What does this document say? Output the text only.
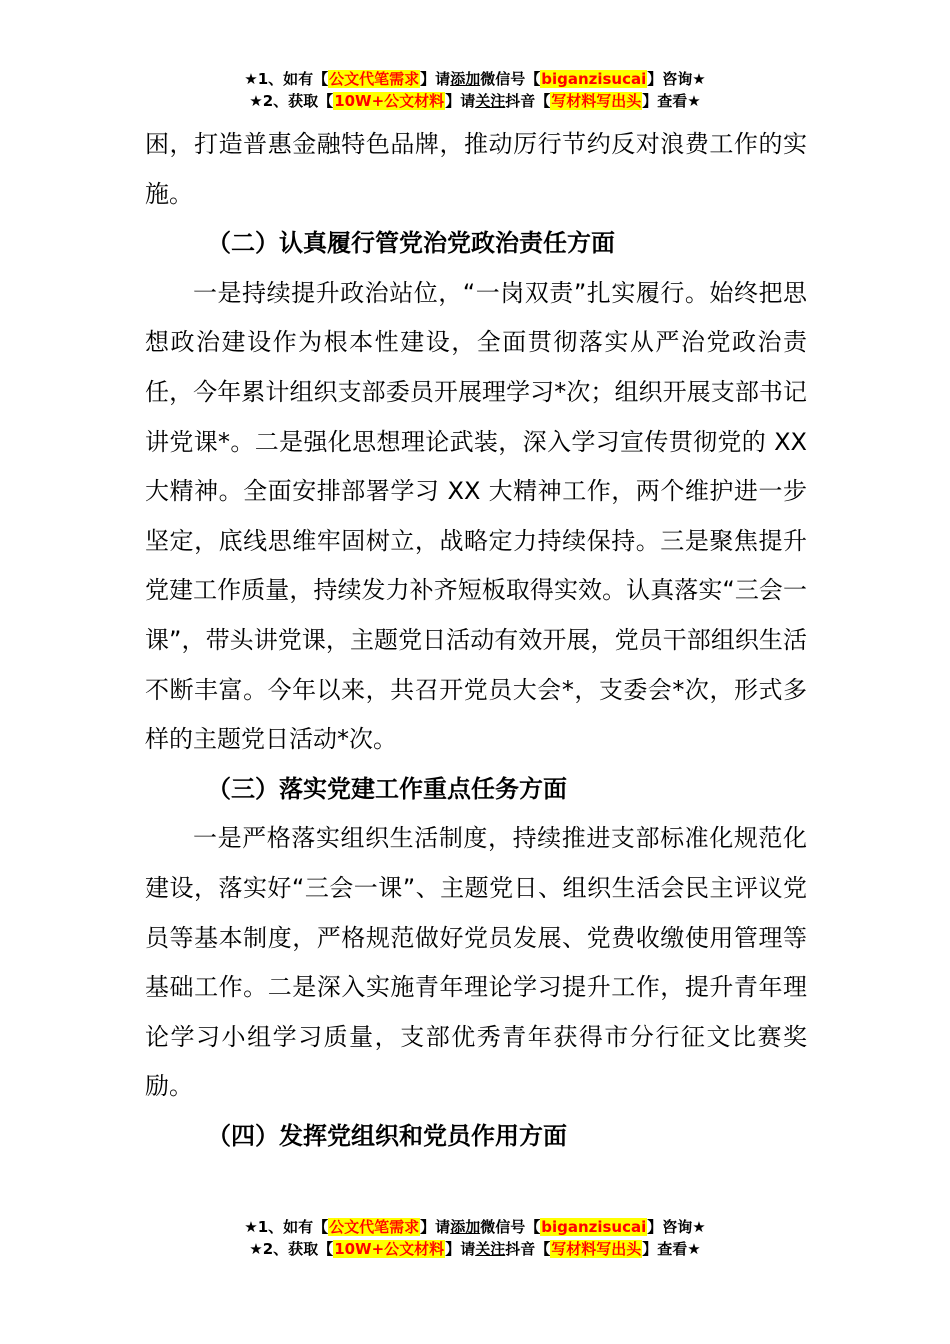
★1、如有【公文代笔需求】请添加微信号【biganzisucai】咨询★
★2、获取【10W+公文材料】请关注抖音【写材料写出头】查看★

困，打造普惠金融特色品牌，推动厉行节约反对浪费工作的实施。

（二）认真履行管党治党政治责任方面

一是持续提升政治站位，“一岗双责”扎实履行。始终把思想政治建设作为根本性建设，全面贯彻落实从严治党政治责任，今年累计组织支部委员开展理学习*次；组织开展支部书记讲党课*。二是强化思想理论武装，深入学习宣传贯彻党的 XX 大精神。全面安排部署学习 XX 大精神工作，两个维护进一步坚定，底线思维牢固树立，战略定力持续保持。三是聚焦提升党建工作质量，持续发力补齐短板取得实效。认真落实“三会一课”，带头讲党课，主题党日活动有效开展，党员干部组织生活不断丰富。今年以来，共召开党员大会*，支委会*次，形式多样的主题党日活动*次。

（三）落实党建工作重点任务方面

一是严格落实组织生活制度，持续推进支部标准化规范化建设，落实好“三会一课”、主题党日、组织生活会民主评议党员等基本制度，严格规范做好党员发展、党费收缴使用管理等基础工作。二是深入实施青年理论学习提升工作，提升青年理论学习小组学习质量，支部优秀青年获得市分行征文比赛奖励。

（四）发挥党组织和党员作用方面
★1、如有【公文代笔需求】请添加微信号【biganzisucai】咨询★
★2、获取【10W+公文材料】请关注抖音【写材料写出头】查看★
